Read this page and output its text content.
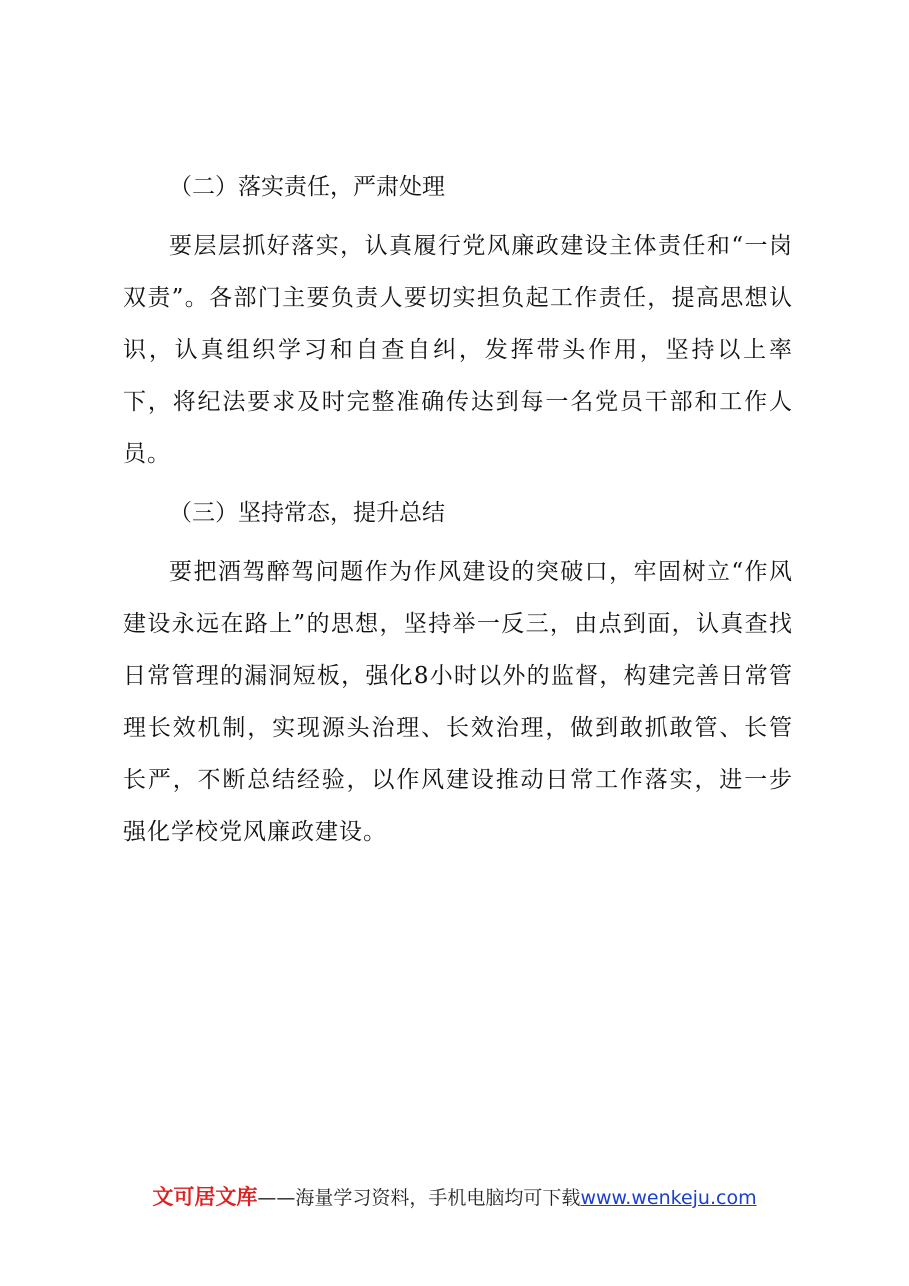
（二）落实责任，严肃处理

要层层抓好落实，认真履行党风廉政建设主体责任和“一岗双责”。各部门主要负责人要切实担负起工作责任，提高思想认识，认真组织学习和自查自纠，发挥带头作用，坚持以上率下，将纪法要求及时完整准确传达到每一名党员干部和工作人员。

（三）坚持常态，提升总结

要把酒驾醉驾问题作为作风建设的突破口，牢固树立“作风建设永远在路上”的思想，坚持举一反三，由点到面，认真查找日常管理的漏洞短板，强化8小时以外的监督，构建完善日常管理长效机制，实现源头治理、长效治理，做到敢抓敢管、长管长严，不断总结经验，以作风建设推动日常工作落实，进一步强化学校党风廉政建设。

文可居文库——海量学习资料，手机电脑均可下载www.wenkeju.com
